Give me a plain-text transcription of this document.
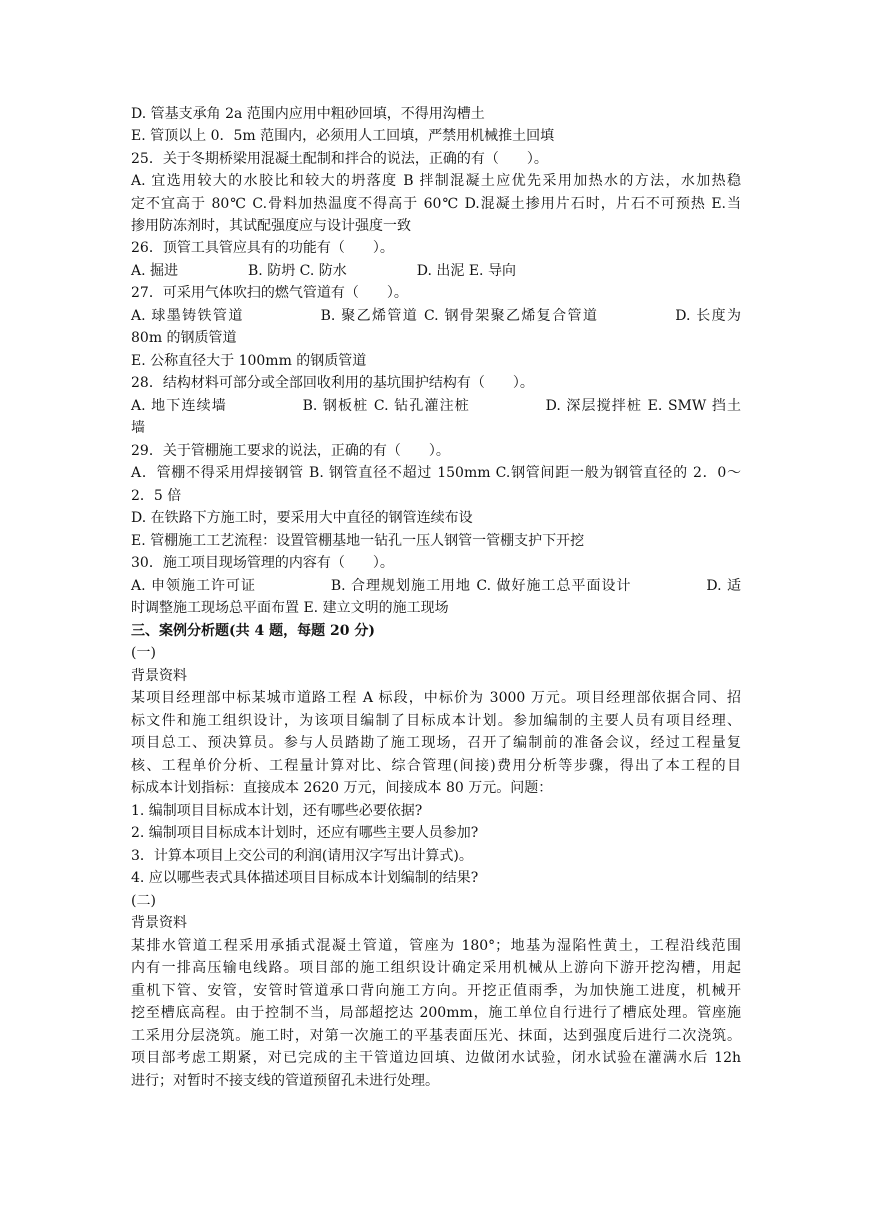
D. 管基支承角 2a 范围内应用中粗砂回填，不得用沟槽土
E. 管顶以上 0．5m 范围内，必须用人工回填，严禁用机械推土回填
25．关于冬期桥梁用混凝土配制和拌合的说法，正确的有（　　）。
A. 宜选用较大的水胶比和较大的坍落度 B 拌制混凝土应优先采用加热水的方法，水加热稳
定不宜高于 80℃ C.骨料加热温度不得高于 60℃ D.混凝土掺用片石时，片石不可预热 E.当
掺用防冻剂时，其试配强度应与设计强度一致
26．顶管工具管应具有的功能有（　　）。
A. 掘进　　　　　B. 防坍 C. 防水　　　　　D. 出泥 E. 导向
27．可采用气体吹扫的燃气管道有（　　）。
A. 球墨铸铁管道　　　　　B. 聚乙烯管道 C. 钢骨架聚乙烯复合管道　　　　　D. 长度为
80m 的钢质管道
E. 公称直径大于 100mm 的钢质管道
28．结构材料可部分或全部回收利用的基坑围护结构有（　　）。
A. 地下连续墙　　　　　B. 钢板桩 C. 钻孔灌注桩　　　　　D. 深层搅拌桩 E. SMW 挡土
墙
29．关于管棚施工要求的说法，正确的有（　　）。
A．管棚不得采用焊接钢管 B. 钢管直径不超过 150mm C.钢管间距一般为钢管直径的 2．0～
2．5 倍
D. 在铁路下方施工时，要采用大中直径的钢管连续布设
E. 管棚施工工艺流程：设置管棚基地一钻孔一压人钢管一管棚支护下开挖
30．施工项目现场管理的内容有（　　）。
A. 申领施工许可证　　　　　B. 合理规划施工用地 C. 做好施工总平面设计　　　　　D. 适
时调整施工现场总平面布置 E. 建立文明的施工现场
三、案例分析题(共 4 题，每题 20 分)
(一)
背景资料
某项目经理部中标某城市道路工程 A 标段，中标价为 3000 万元。项目经理部依据合同、招
标文件和施工组织设计，为该项目编制了目标成本计划。参加编制的主要人员有项目经理、
项目总工、预决算员。参与人员踏勘了施工现场，召开了编制前的准备会议，经过工程量复
核、工程单价分析、工程量计算对比、综合管理(间接)费用分析等步骤，得出了本工程的目
标成本计划指标：直接成本 2620 万元，间接成本 80 万元。问题：
1. 编制项目目标成本计划，还有哪些必要依据?
2. 编制项目目标成本计划时，还应有哪些主要人员参加?
3．计算本项目上交公司的利润(请用汉字写出计算式)。
4. 应以哪些表式具体描述项目目标成本计划编制的结果?
(二)
背景资料
某排水管道工程采用承插式混凝土管道，管座为 180°；地基为湿陷性黄土，工程沿线范围
内有一排高压输电线路。项目部的施工组织设计确定采用机械从上游向下游开挖沟槽，用起
重机下管、安管，安管时管道承口背向施工方向。开挖正值雨季，为加快施工进度，机械开
挖至槽底高程。由于控制不当，局部超挖达 200mm，施工单位自行进行了槽底处理。管座施
工采用分层浇筑。施工时，对第一次施工的平基表面压光、抹面，达到强度后进行二次浇筑。
项目部考虑工期紧，对已完成的主干管道边回填、边做闭水试验，闭水试验在灌满水后 12h
进行；对暂时不接支线的管道预留孔未进行处理。
